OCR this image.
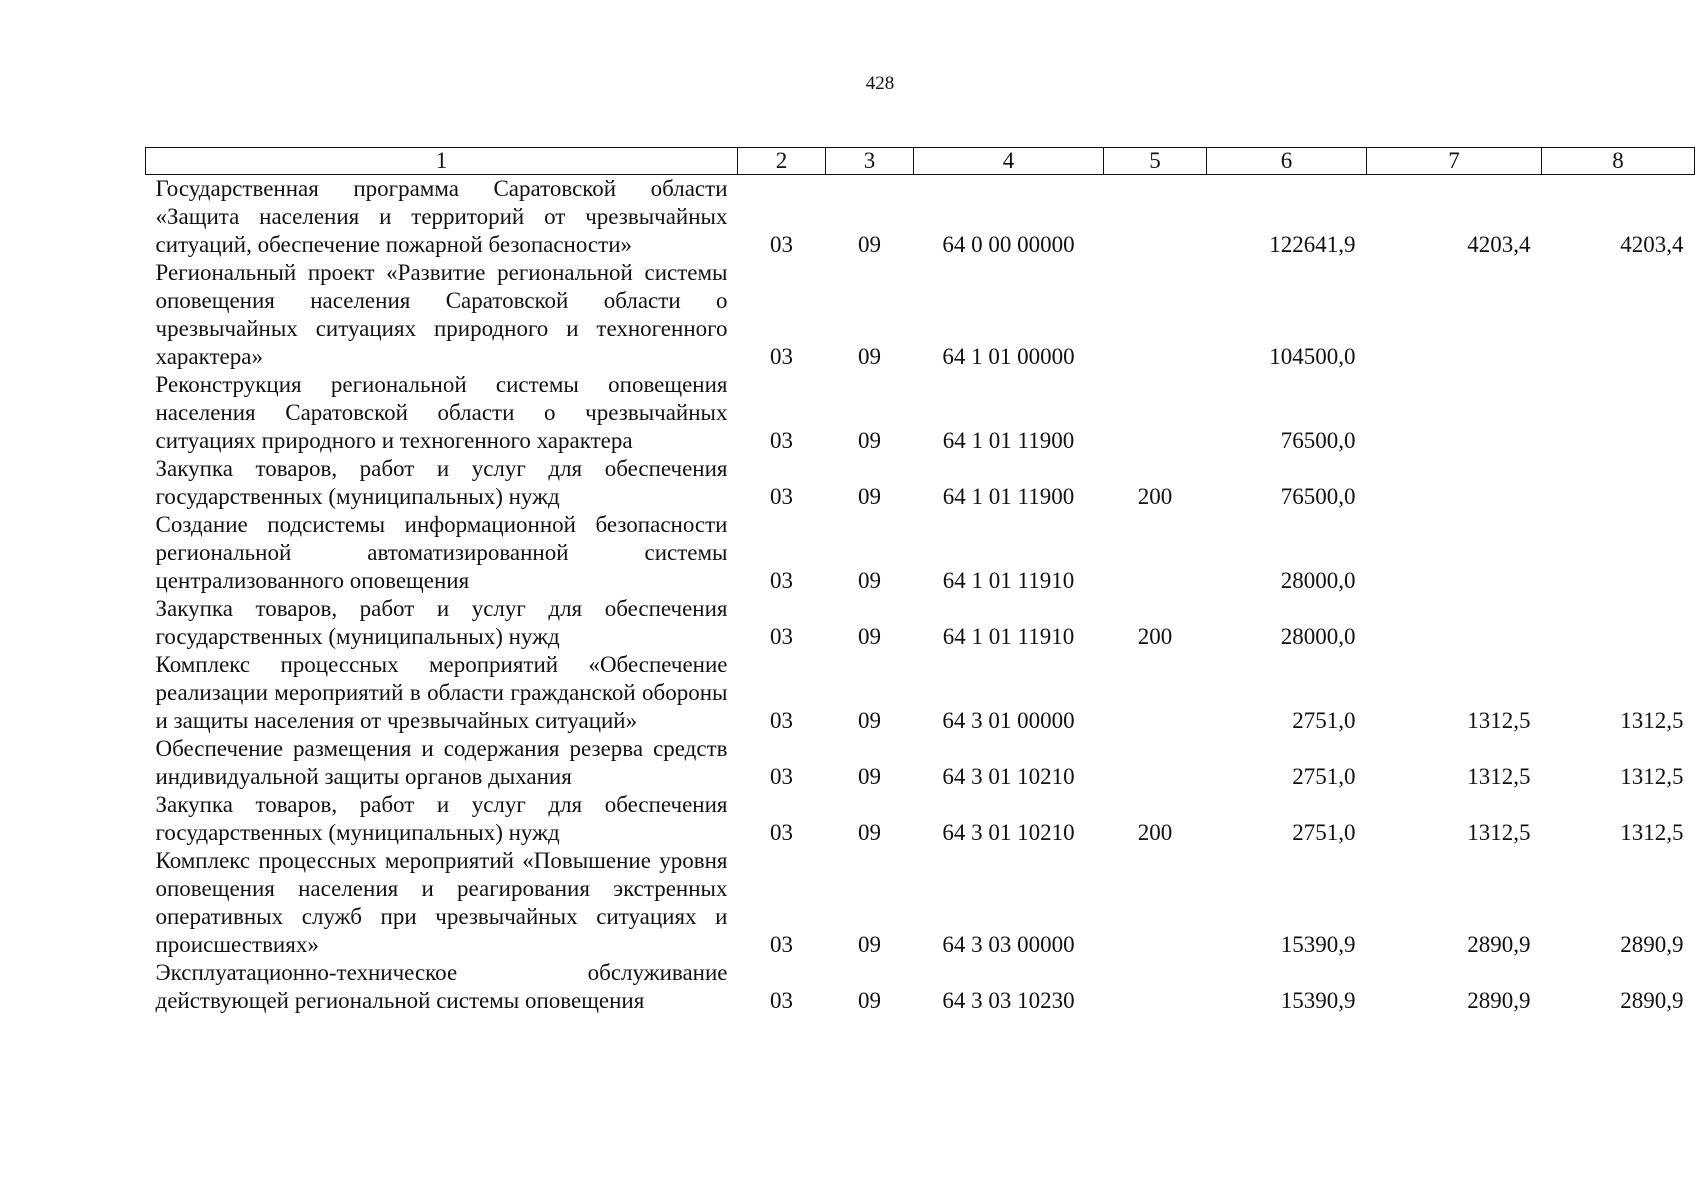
428
1	2	3	4	5	6	7	8
Государственная программа Саратовской области «Защита населения и территорий от чрезвычайных ситуаций, обеспечение пожарной безопасности»	03	09	64 0 00 00000		122641,9	4203,4	4203,4
Региональный проект «Развитие региональной системы оповещения населения Саратовской области о чрезвычайных ситуациях природного и техногенного характера»	03	09	64 1 01 00000		104500,0		
Реконструкция региональной системы оповещения населения Саратовской области о чрезвычайных ситуациях природного и техногенного характера	03	09	64 1 01 11900		76500,0		
Закупка товаров, работ и услуг для обеспечения государственных (муниципальных) нужд	03	09	64 1 01 11900	200	76500,0		
Создание подсистемы информационной безопасности региональной автоматизированной системы централизованного оповещения	03	09	64 1 01 11910		28000,0		
Закупка товаров, работ и услуг для обеспечения государственных (муниципальных) нужд	03	09	64 1 01 11910	200	28000,0		
Комплекс процессных мероприятий «Обеспечение реализации мероприятий в области гражданской обороны и защиты населения от чрезвычайных ситуаций»	03	09	64 3 01 00000		2751,0	1312,5	1312,5
Обеспечение размещения и содержания резерва средств индивидуальной защиты органов дыхания	03	09	64 3 01 10210		2751,0	1312,5	1312,5
Закупка товаров, работ и услуг для обеспечения государственных (муниципальных) нужд	03	09	64 3 01 10210	200	2751,0	1312,5	1312,5
Комплекс процессных мероприятий «Повышение уровня оповещения населения и реагирования экстренных оперативных служб при чрезвычайных ситуациях и происшествиях»	03	09	64 3 03 00000		15390,9	2890,9	2890,9
Эксплуатационно-техническое обслуживание действующей региональной системы оповещения	03	09	64 3 03 10230		15390,9	2890,9	2890,9
